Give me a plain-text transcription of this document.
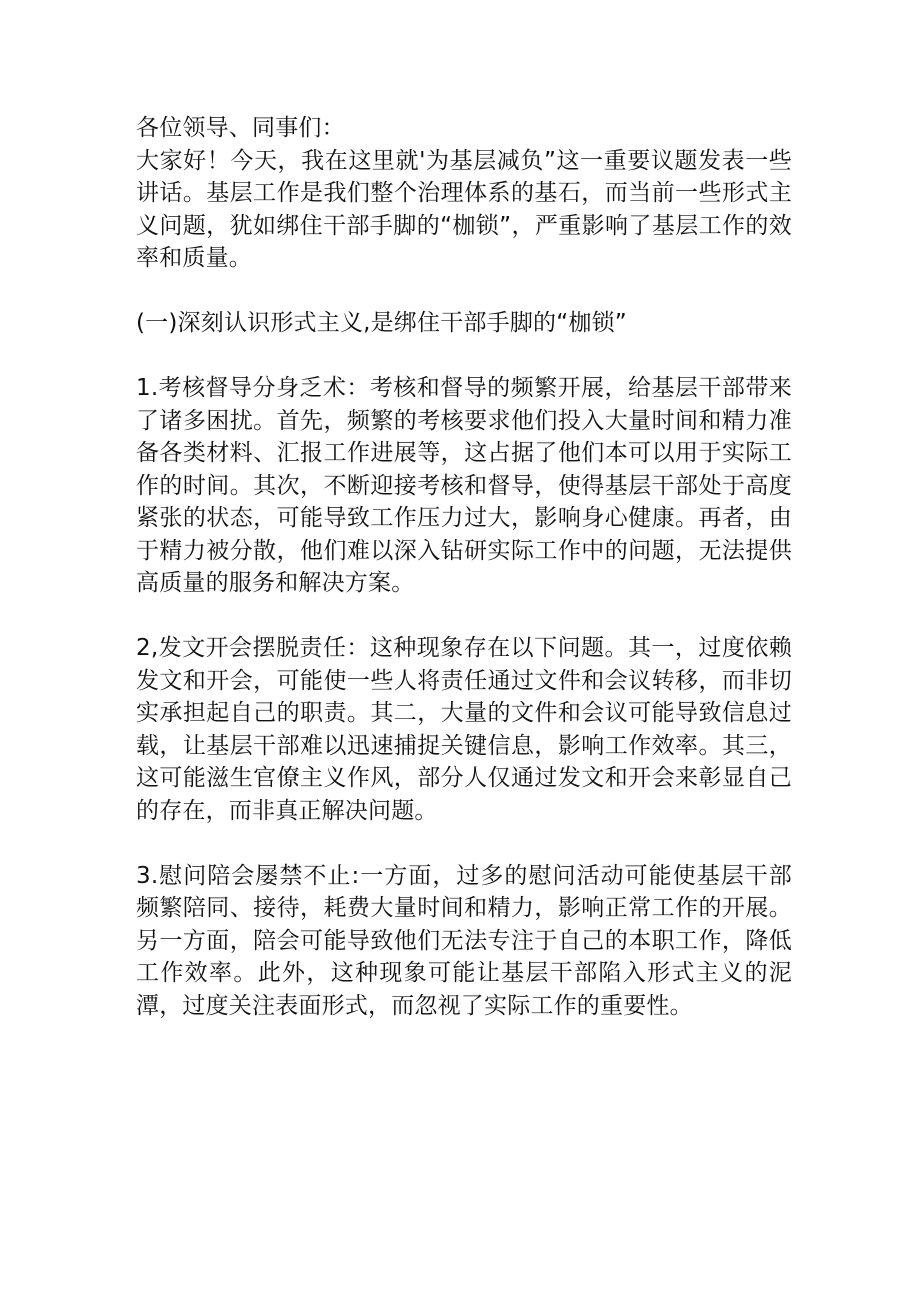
各位领导、同事们：

大家好！今天，我在这里就'为基层减负”这一重要议题发表一些讲话。基层工作是我们整个治理体系的基石，而当前一些形式主义问题，犹如绑住干部手脚的“枷锁”，严重影响了基层工作的效率和质量。

(一)深刻认识形式主义,是绑住干部手脚的“枷锁”

1.考核督导分身乏术：考核和督导的频繁开展，给基层干部带来了诸多困扰。首先，频繁的考核要求他们投入大量时间和精力准备各类材料、汇报工作进展等，这占据了他们本可以用于实际工作的时间。其次，不断迎接考核和督导，使得基层干部处于高度紧张的状态，可能导致工作压力过大，影响身心健康。再者，由于精力被分散，他们难以深入钻研实际工作中的问题，无法提供高质量的服务和解决方案。

2,发文开会摆脱责任：这种现象存在以下问题。其一，过度依赖发文和开会，可能使一些人将责任通过文件和会议转移，而非切实承担起自己的职责。其二，大量的文件和会议可能导致信息过载，让基层干部难以迅速捕捉关键信息，影响工作效率。其三，这可能滋生官僚主义作风，部分人仅通过发文和开会来彰显自己的存在，而非真正解决问题。

3.慰问陪会屡禁不止:一方面，过多的慰问活动可能使基层干部频繁陪同、接待，耗费大量时间和精力，影响正常工作的开展。另一方面，陪会可能导致他们无法专注于自己的本职工作，降低工作效率。此外，这种现象可能让基层干部陷入形式主义的泥潭，过度关注表面形式，而忽视了实际工作的重要性。
